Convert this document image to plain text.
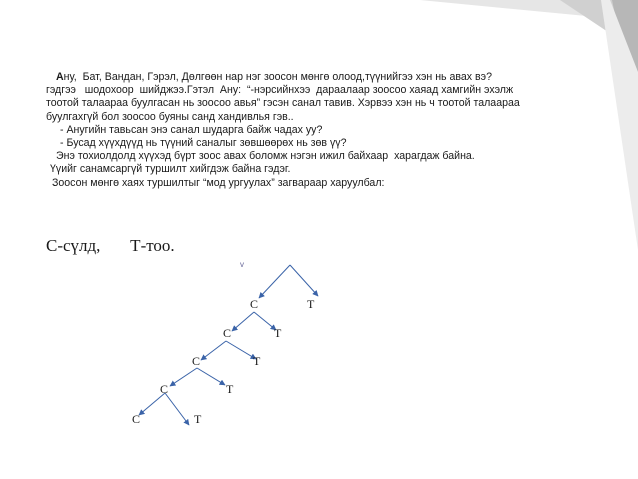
Ану,  Бат, Вандан, Гэрэл, Дөлгөөн нар нэг зоосон мөнгө олоод,түүнийгээ хэн нь авах вэ?
гэдгээ   шодохоор  шийджээ.Гэтэл  Ану:  “-нэрсийнхээ  дараалаар зоосоо хаяад хамгийн эхэлж
тоотой талаараа буулгасан нь зоосоо авья” гэсэн санал тавив. Хэрвээ хэн нь ч тоотой талаараа
буулгахгүй бол зоосоо буяны санд хандивлья гэв..
- Ануги͏йн тавьсан энэ санал шударга байж чадах уу?
- Бусад хүүхдүүд нь түүний саналыг зөвшөөрөх нь зөв үү?
Энэ тохиолдолд хүүхэд бүрт зоос авах боломж нэгэн ижил байхаар  харагдаж байна.
Үүийг санамсаргүй туршилт хийгдэж байна гэдэг.
Зоосон мөнгө хаях туршилтыг “мод ургуулах” загвараар харуулбал:
С-сүлд,       Т-тоо.
v
С	Т
С	Т
С	Т
С	Т
С	Т
